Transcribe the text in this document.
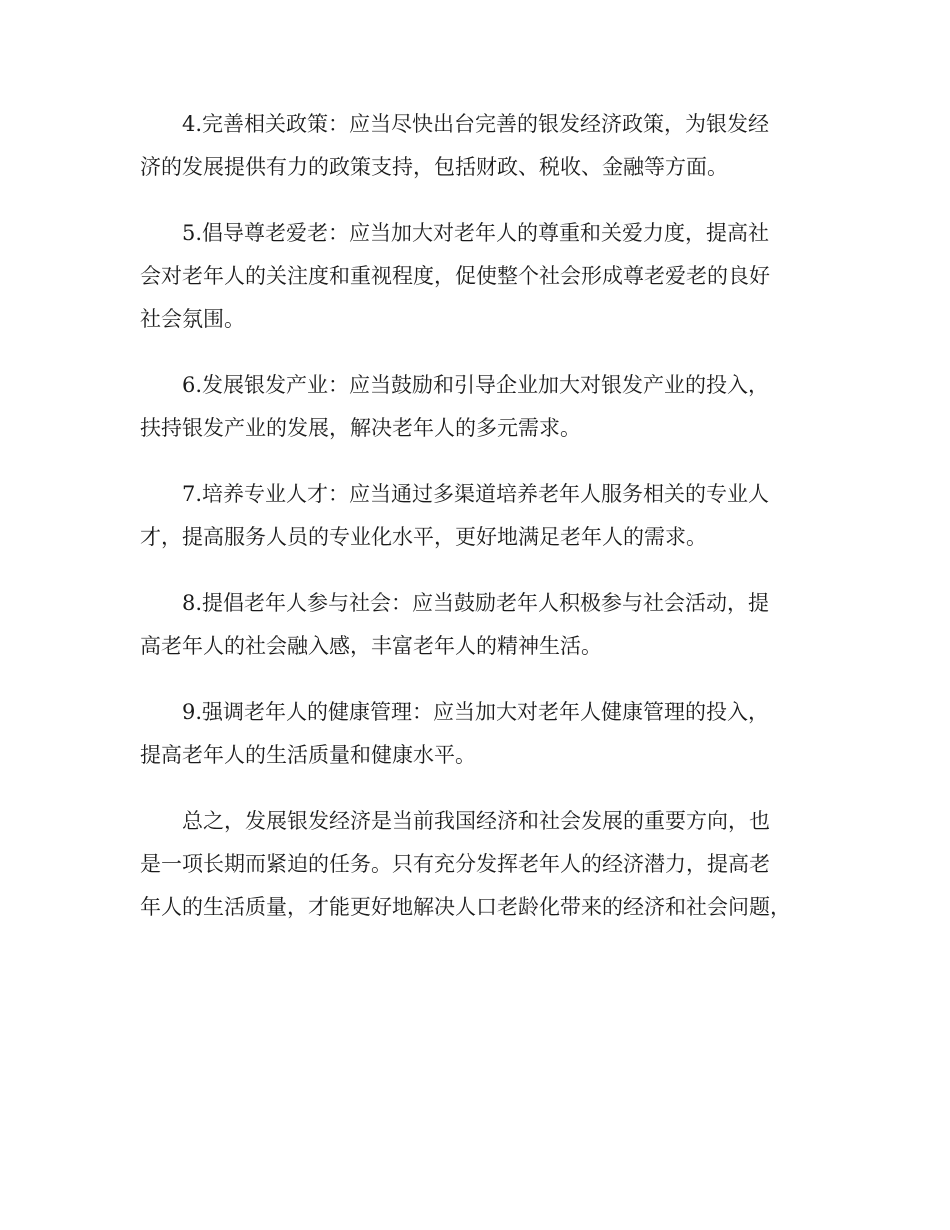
4.完善相关政策：应当尽快出台完善的银发经济政策，为银发经
济的发展提供有力的政策支持，包括财政、税收、金融等方面。
5.倡导尊老爱老：应当加大对老年人的尊重和关爱力度，提高社
会对老年人的关注度和重视程度，促使整个社会形成尊老爱老的良好
社会氛围。
6.发展银发产业：应当鼓励和引导企业加大对银发产业的投入，
扶持银发产业的发展，解决老年人的多元需求。
7.培养专业人才：应当通过多渠道培养老年人服务相关的专业人
才，提高服务人员的专业化水平，更好地满足老年人的需求。
8.提倡老年人参与社会：应当鼓励老年人积极参与社会活动，提
高老年人的社会融入感，丰富老年人的精神生活。
9.强调老年人的健康管理：应当加大对老年人健康管理的投入，
提高老年人的生活质量和健康水平。
总之，发展银发经济是当前我国经济和社会发展的重要方向，也
是一项长期而紧迫的任务。只有充分发挥老年人的经济潜力，提高老
年人的生活质量，才能更好地解决人口老龄化带来的经济和社会问题，
